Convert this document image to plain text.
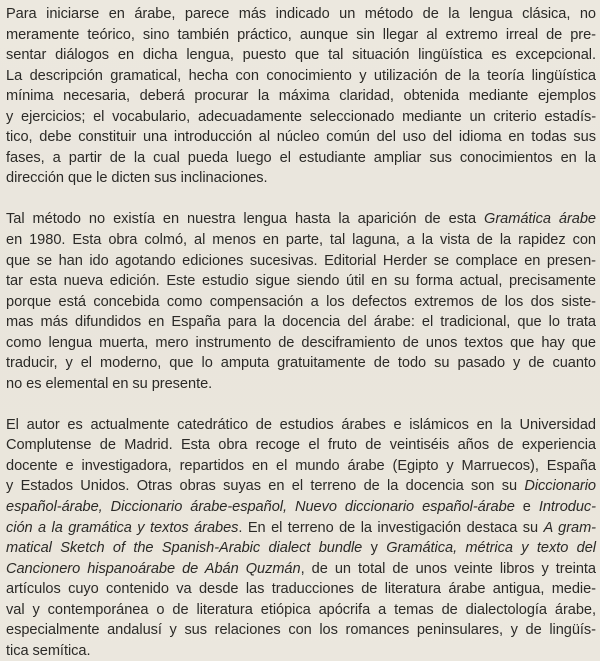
Para iniciarse en árabe, parece más indicado un método de la lengua clásica, no
meramente teórico, sino también práctico, aunque sin llegar al extremo irreal de pre-
sentar diálogos en dicha lengua, puesto que tal situación lingüística es excepcional.
La descripción gramatical, hecha con conocimiento y utilización de la teoría lingüística
mínima necesaria, deberá procurar la máxima claridad, obtenida mediante ejemplos
y ejercicios; el vocabulario, adecuadamente seleccionado mediante un criterio estadís-
tico, debe constituir una introducción al núcleo común del uso del idioma en todas sus
fases, a partir de la cual pueda luego el estudiante ampliar sus conocimientos en la
dirección que le dicten sus inclinaciones.
Tal método no existía en nuestra lengua hasta la aparición de esta Gramática árabe
en 1980. Esta obra colmó, al menos en parte, tal laguna, a la vista de la rapidez con
que se han ido agotando ediciones sucesivas. Editorial Herder se complace en presen-
tar esta nueva edición. Este estudio sigue siendo útil en su forma actual, precisamente
porque está concebida como compensación a los defectos extremos de los dos siste-
mas más difundidos en España para la docencia del árabe: el tradicional, que lo trata
como lengua muerta, mero instrumento de desciframiento de unos textos que hay que
traducir, y el moderno, que lo amputa gratuitamente de todo su pasado y de cuanto
no es elemental en su presente.
El autor es actualmente catedrático de estudios árabes e islámicos en la Universidad
Complutense de Madrid. Esta obra recoge el fruto de veintiséis años de experiencia
docente e investigadora, repartidos en el mundo árabe (Egipto y Marruecos), España
y Estados Unidos. Otras obras suyas en el terreno de la docencia son su Diccionario
español-árabe, Diccionario árabe-español, Nuevo diccionario español-árabe e Introduc-
ción a la gramática y textos árabes. En el terreno de la investigación destaca su A gram-
matical Sketch of the Spanish-Arabic dialect bundle y Gramática, métrica y texto del
Cancionero hispanoárabe de Abán Quzmán, de un total de unos veinte libros y treinta
artículos cuyo contenido va desde las traducciones de literatura árabe antigua, medie-
val y contemporánea o de literatura etiópica apócrifa a temas de dialectología árabe,
especialmente andalusí y sus relaciones con los romances peninsulares, y de lingüís-
tica semítica.
